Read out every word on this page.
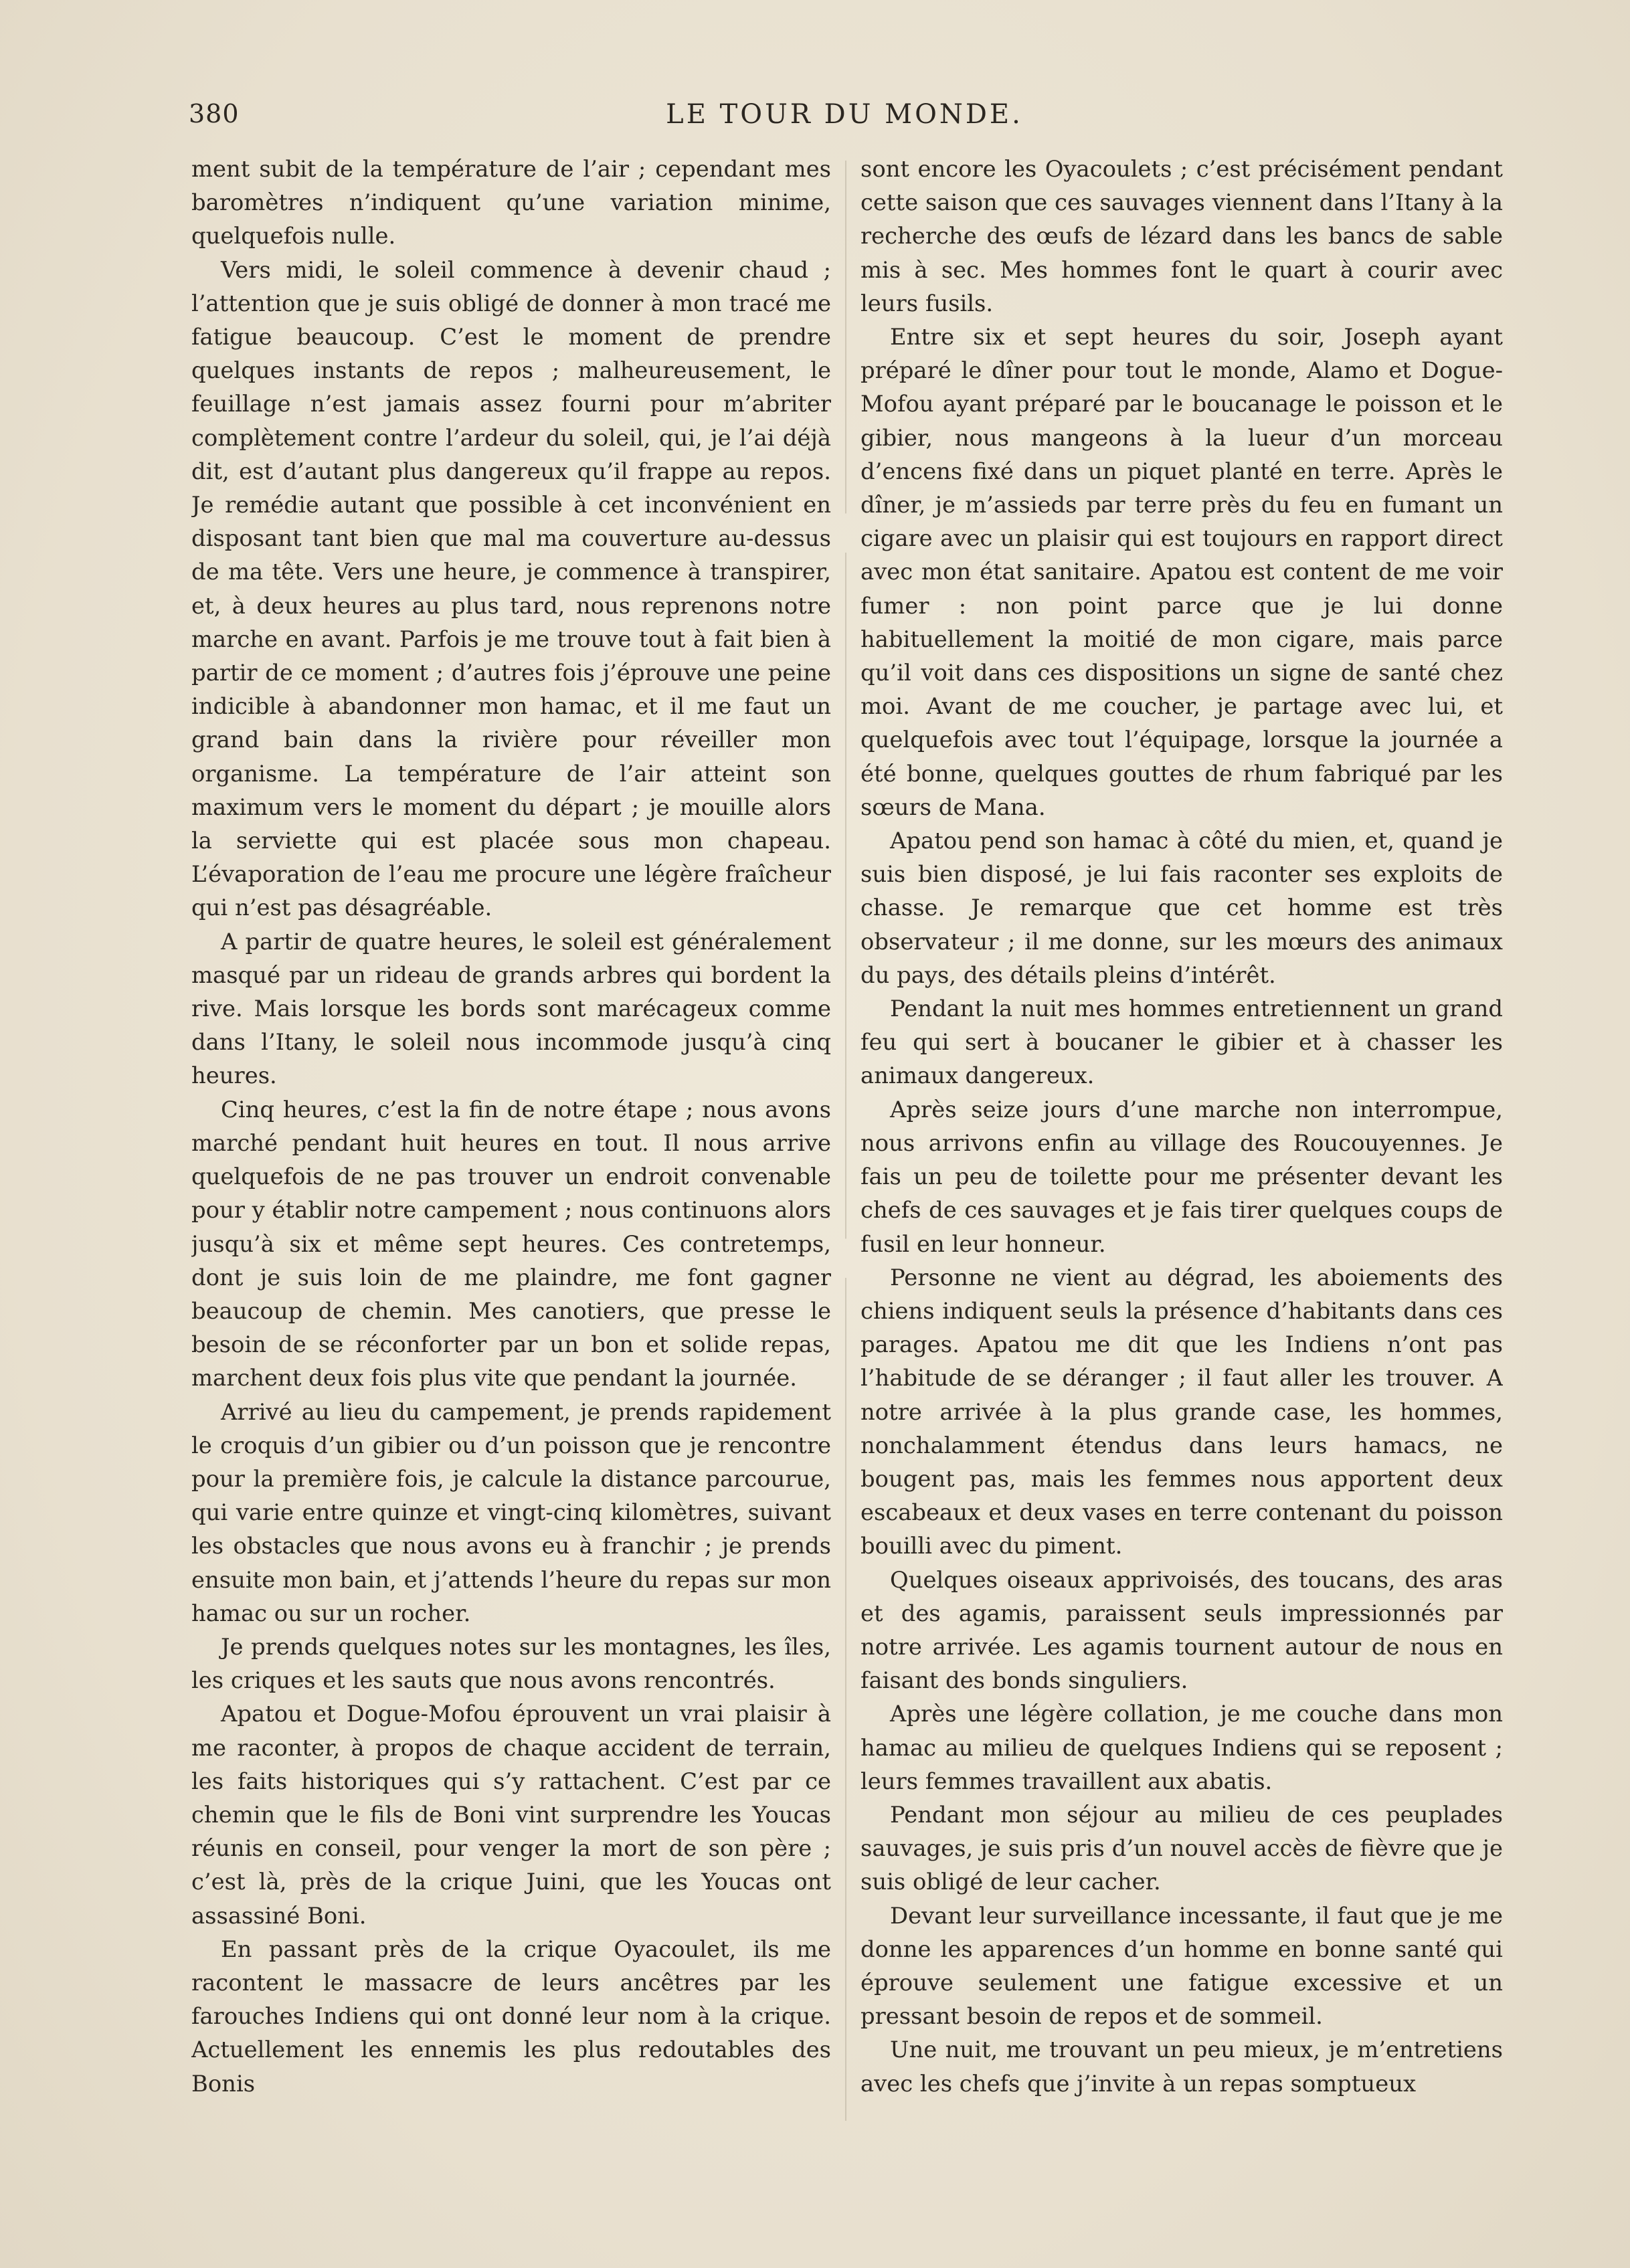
380	LE TOUR DU MONDE.

ment subit de la température de l’air ; cependant mes baromètres n’indiquent qu’une variation minime, quelquefois nulle.

Vers midi, le soleil commence à devenir chaud ; l’attention que je suis obligé de donner à mon tracé me fatigue beaucoup. C’est le moment de prendre quelques instants de repos ; malheureusement, le feuillage n’est jamais assez fourni pour m’abriter complètement contre l’ardeur du soleil, qui, je l’ai déjà dit, est d’autant plus dangereux qu’il frappe au repos. Je remédie autant que possible à cet inconvénient en disposant tant bien que mal ma couverture au-dessus de ma tête. Vers une heure, je commence à transpirer, et, à deux heures au plus tard, nous reprenons notre marche en avant. Parfois je me trouve tout à fait bien à partir de ce moment ; d’autres fois j’éprouve une peine indicible à abandonner mon hamac, et il me faut un grand bain dans la rivière pour réveiller mon organisme. La température de l’air atteint son maximum vers le moment du départ ; je mouille alors la serviette qui est placée sous mon chapeau. L’évaporation de l’eau me procure une légère fraîcheur qui n’est pas désagréable.

A partir de quatre heures, le soleil est généralement masqué par un rideau de grands arbres qui bordent la rive. Mais lorsque les bords sont marécageux comme dans l’Itany, le soleil nous incommode jusqu’à cinq heures.

Cinq heures, c’est la fin de notre étape ; nous avons marché pendant huit heures en tout. Il nous arrive quelquefois de ne pas trouver un endroit convenable pour y établir notre campement ; nous continuons alors jusqu’à six et même sept heures. Ces contretemps, dont je suis loin de me plaindre, me font gagner beaucoup de chemin. Mes canotiers, que presse le besoin de se réconforter par un bon et solide repas, marchent deux fois plus vite que pendant la journée.

Arrivé au lieu du campement, je prends rapidement le croquis d’un gibier ou d’un poisson que je rencontre pour la première fois, je calcule la distance parcourue, qui varie entre quinze et vingt-cinq kilomètres, suivant les obstacles que nous avons eu à franchir ; je prends ensuite mon bain, et j’attends l’heure du repas sur mon hamac ou sur un rocher.

Je prends quelques notes sur les montagnes, les îles, les criques et les sauts que nous avons rencontrés.

Apatou et Dogue-Mofou éprouvent un vrai plaisir à me raconter, à propos de chaque accident de terrain, les faits historiques qui s’y rattachent. C’est par ce chemin que le fils de Boni vint surprendre les Youcas réunis en conseil, pour venger la mort de son père ; c’est là, près de la crique Juini, que les Youcas ont assassiné Boni.

En passant près de la crique Oyacoulet, ils me racontent le massacre de leurs ancêtres par les farouches Indiens qui ont donné leur nom à la crique. Actuellement les ennemis les plus redoutables des Bonis

sont encore les Oyacoulets ; c’est précisément pendant cette saison que ces sauvages viennent dans l’Itany à la recherche des œufs de lézard dans les bancs de sable mis à sec. Mes hommes font le quart à courir avec leurs fusils.

Entre six et sept heures du soir, Joseph ayant préparé le dîner pour tout le monde, Alamo et Dogue-Mofou ayant préparé par le boucanage le poisson et le gibier, nous mangeons à la lueur d’un morceau d’encens fixé dans un piquet planté en terre. Après le dîner, je m’assieds par terre près du feu en fumant un cigare avec un plaisir qui est toujours en rapport direct avec mon état sanitaire. Apatou est content de me voir fumer : non point parce que je lui donne habituellement la moitié de mon cigare, mais parce qu’il voit dans ces dispositions un signe de santé chez moi. Avant de me coucher, je partage avec lui, et quelquefois avec tout l’équipage, lorsque la journée a été bonne, quelques gouttes de rhum fabriqué par les sœurs de Mana.

Apatou pend son hamac à côté du mien, et, quand je suis bien disposé, je lui fais raconter ses exploits de chasse. Je remarque que cet homme est très observateur ; il me donne, sur les mœurs des animaux du pays, des détails pleins d’intérêt.

Pendant la nuit mes hommes entretiennent un grand feu qui sert à boucaner le gibier et à chasser les animaux dangereux.

Après seize jours d’une marche non interrompue, nous arrivons enfin au village des Roucouyennes. Je fais un peu de toilette pour me présenter devant les chefs de ces sauvages et je fais tirer quelques coups de fusil en leur honneur.

Personne ne vient au dégrad, les aboiements des chiens indiquent seuls la présence d’habitants dans ces parages. Apatou me dit que les Indiens n’ont pas l’habitude de se déranger ; il faut aller les trouver. A notre arrivée à la plus grande case, les hommes, nonchalamment étendus dans leurs hamacs, ne bougent pas, mais les femmes nous apportent deux escabeaux et deux vases en terre contenant du poisson bouilli avec du piment.

Quelques oiseaux apprivoisés, des toucans, des aras et des agamis, paraissent seuls impressionnés par notre arrivée. Les agamis tournent autour de nous en faisant des bonds singuliers.

Après une légère collation, je me couche dans mon hamac au milieu de quelques Indiens qui se reposent ; leurs femmes travaillent aux abatis.

Pendant mon séjour au milieu de ces peuplades sauvages, je suis pris d’un nouvel accès de fièvre que je suis obligé de leur cacher.

Devant leur surveillance incessante, il faut que je me donne les apparences d’un homme en bonne santé qui éprouve seulement une fatigue excessive et un pressant besoin de repos et de sommeil.

Une nuit, me trouvant un peu mieux, je m’entretiens avec les chefs que j’invite à un repas somptueux
